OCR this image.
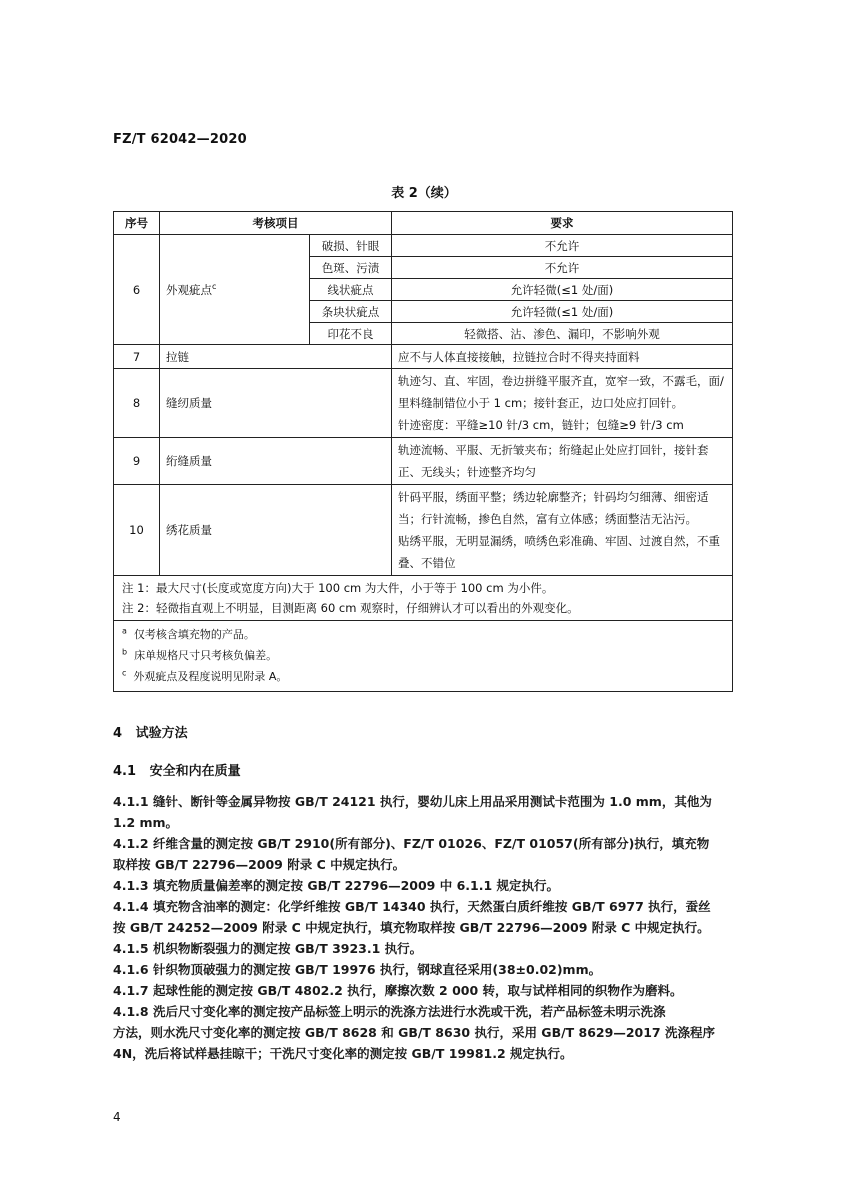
FZ/T 62042—2020
表 2（续）
序号	考核项目		要求
6	外观疵点$^c$	破损、针眼	不允许
		色斑、污渍	不允许
		线状疵点	允许轻微(≤1 处/面)
		条块状疵点	允许轻微(≤1 处/面)
		印花不良	轻微搭、沾、渗色、漏印，不影响外观
7	拉链		应不与人体直接接触，拉链拉合时不得夹持面料
8	缝纫质量		轨迹匀、直、牢固，卷边拼缝平服齐直，宽窄一致，不露毛，面/
里料缝制错位小于 1 cm；接针套正，边口处应打回针。
针迹密度：平缝≥10 针/3 cm，链针；包缝≥9 针/3 cm

9	绗缝质量		轨迹流畅、平服、无折皱夹布；绗缝起止处应打回针，接针套
正、无线头；针迹整齐均匀

10	绣花质量		针码平服，绣面平整；绣边轮廓整齐；针码均匀细薄、细密适
当；行针流畅，掺色自然，富有立体感；绣面整洁无沾污。
贴绣平服，无明显漏绣，喷绣色彩准确、牢固、过渡自然，不重
叠、不错位

注 1：最大尺寸(长度或宽度方向)大于 100 cm 为大件，小于等于 100 cm 为小件。
注 2：轻微指直观上不明显，目测距离 60 cm 观察时，仔细辨认才可以看出的外观变化。			

$^a$ 仅考核含填充物的产品。
$^b$ 床单规格尺寸只考核负偏差。
$^c$ 外观疵点及程度说明见附录 A。			
4 试验方法
4.1 安全和内在质量
4.1.1 缝针、断针等金属异物按 GB/T 24121 执行，婴幼儿床上用品采用测试卡范围为 1.0 mm，其他为
1.2 mm。
4.1.2 纤维含量的测定按 GB/T 2910(所有部分)、FZ/T 01026、FZ/T 01057(所有部分)执行，填充物
取样按 GB/T 22796—2009 附录 C 中规定执行。
4.1.3 填充物质量偏差率的测定按 GB/T 22796—2009 中 6.1.1 规定执行。
4.1.4 填充物含油率的测定：化学纤维按 GB/T 14340 执行，天然蛋白质纤维按 GB/T 6977 执行，蚕丝
按 GB/T 24252—2009 附录 C 中规定执行，填充物取样按 GB/T 22796—2009 附录 C 中规定执行。
4.1.5 机织物断裂强力的测定按 GB/T 3923.1 执行。
4.1.6 针织物顶破强力的测定按 GB/T 19976 执行，钢球直径采用(38±0.02)mm。
4.1.7 起球性能的测定按 GB/T 4802.2 执行，摩擦次数 2 000 转，取与试样相同的织物作为磨料。
4.1.8 洗后尺寸变化率的测定按产品标签上明示的洗涤方法进行水洗或干洗，若产品标签未明示洗涤
方法，则水洗尺寸变化率的测定按 GB/T 8628 和 GB/T 8630 执行，采用 GB/T 8629—2017 洗涤程序
4N，洗后将试样悬挂晾干；干洗尺寸变化率的测定按 GB/T 19981.2 规定执行。
4
